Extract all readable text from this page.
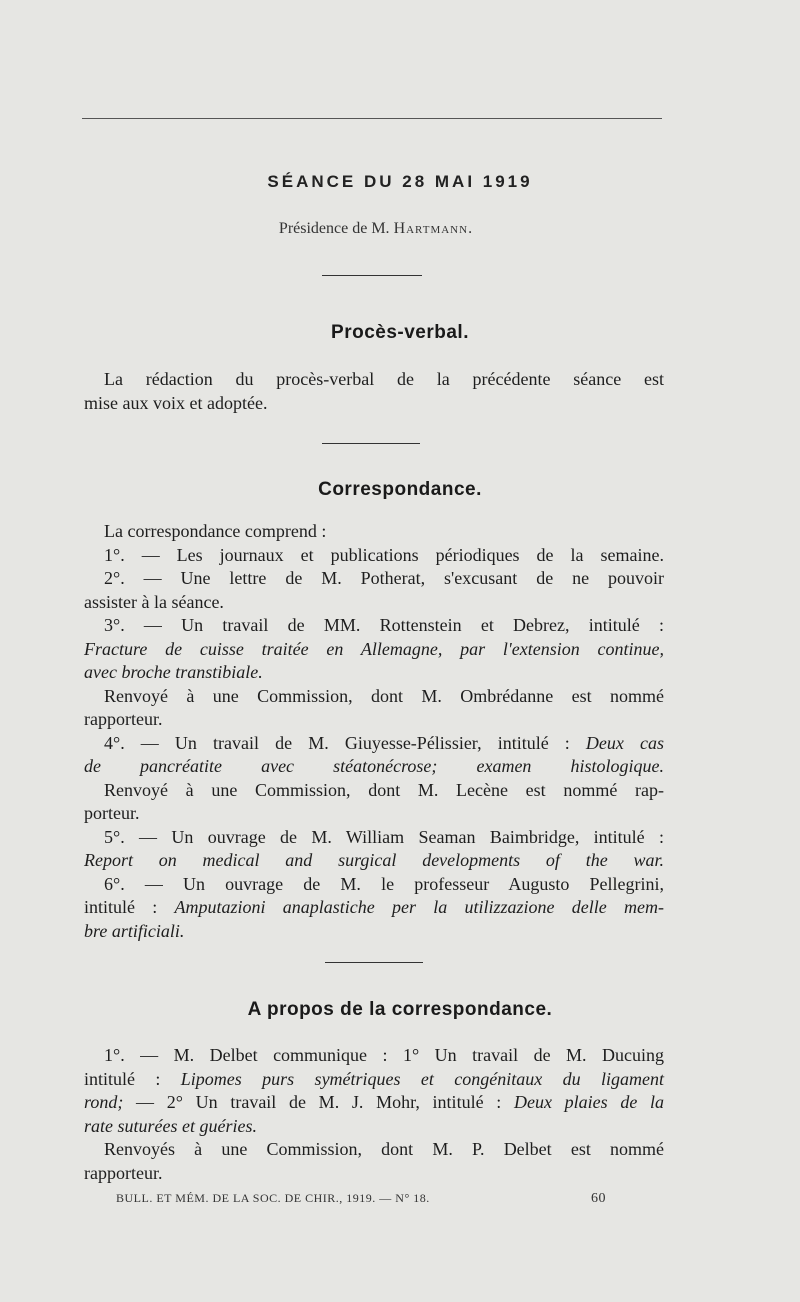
SÉANCE DU 28 MAI 1919
Présidence de M. Hartmann.
Procès-verbal.
La rédaction du procès-verbal de la précédente séance est
mise aux voix et adoptée.
Correspondance.
La correspondance comprend :
1°. — Les journaux et publications périodiques de la semaine.
2°. — Une lettre de M. Potherat, s'excusant de ne pouvoir
assister à la séance.
3°. — Un travail de MM. Rottenstein et Debrez, intitulé :
Fracture de cuisse traitée en Allemagne, par l'extension continue,
avec broche transtibiale.
Renvoyé à une Commission, dont M. Ombrédanne est nommé
rapporteur.
4°. — Un travail de M. Giuyesse-Pélissier, intitulé : Deux cas
de pancréatite avec stéatonécrose; examen histologique.
Renvoyé à une Commission, dont M. Lecène est nommé rap-
porteur.
5°. — Un ouvrage de M. William Seaman Baimbridge, intitulé :
Report on medical and surgical developments of the war.
6°. — Un ouvrage de M. le professeur Augusto Pellegrini,
intitulé : Amputazioni anaplastiche per la utilizzazione delle mem-
bre artificiali.
A propos de la correspondance.
1°. — M. Delbet communique : 1° Un travail de M. Ducuing
intitulé : Lipomes purs symétriques et congénitaux du ligament
rond; — 2° Un travail de M. J. Mohr, intitulé : Deux plaies de la
rate suturées et guéries.
Renvoyés à une Commission, dont M. P. Delbet est nommé
rapporteur.
BULL. ET MÉM. DE LA SOC. DE CHIR., 1919. — N° 18.	60
